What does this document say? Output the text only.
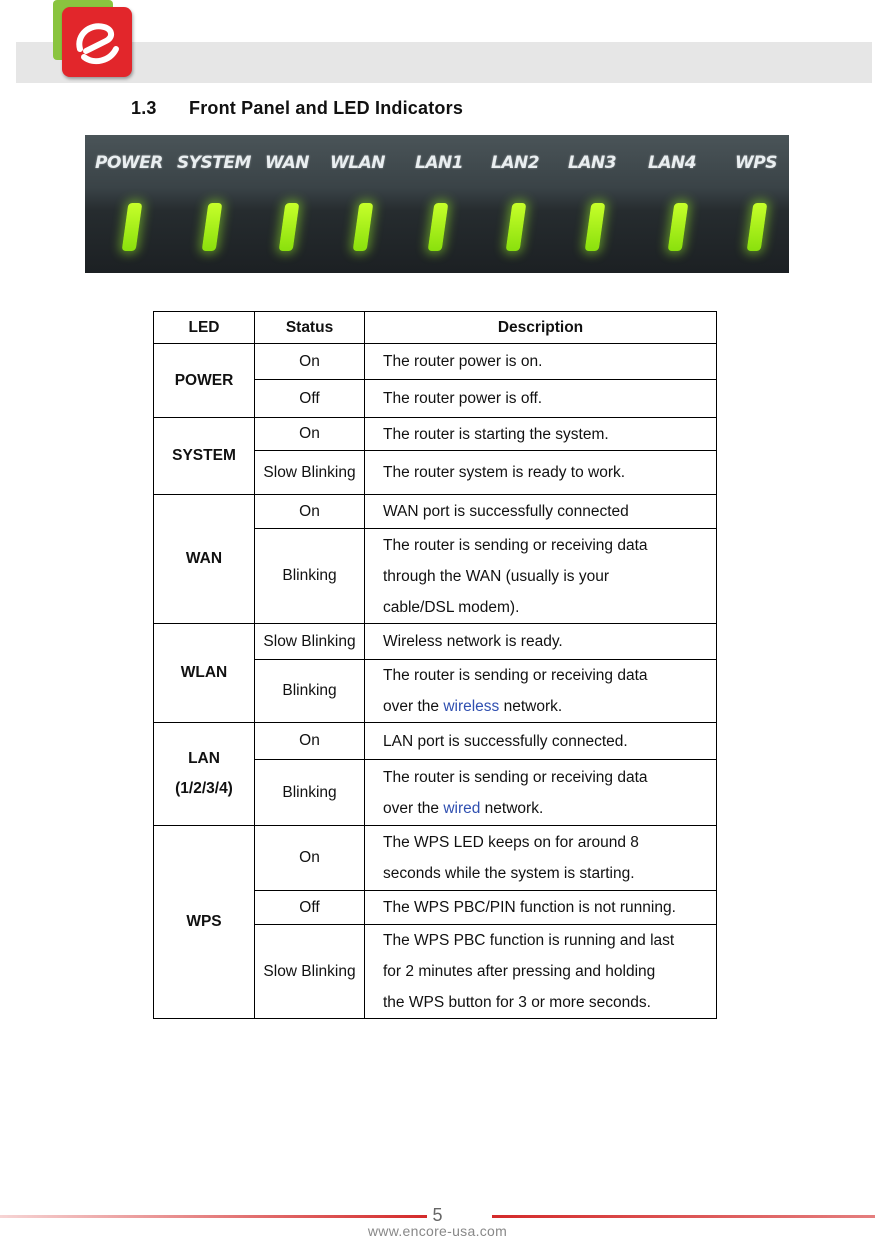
1.3 Front Panel and LED Indicators
POWER SYSTEM WAN WLAN LAN1 LAN2 LAN3 LAN4 WPS
LED	Status	Description
POWER	On	The router power is on.
	Off	The router power is off.
SYSTEM	On	The router is starting the system.
	Slow Blinking	The router system is ready to work.
WAN	On	WAN port is successfully connected
	Blinking	The router is sending or receiving data
through the WAN (usually is your
cable/DSL modem).

WLAN	Slow Blinking	Wireless network is ready.
	Blinking	The router is sending or receiving data
over the wireless network.

LAN
(1/2/3/4)	On	LAN port is successfully connected.
	Blinking	The router is sending or receiving data
over the wired network.

WPS	On	The WPS LED keeps on for around 8
seconds while the system is starting.

	Off	The WPS PBC/PIN function is not running.
	Slow Blinking	The WPS PBC function is running and last
for 2 minutes after pressing and holding
the WPS button for 3 or more seconds.
5
www.encore-usa.com
